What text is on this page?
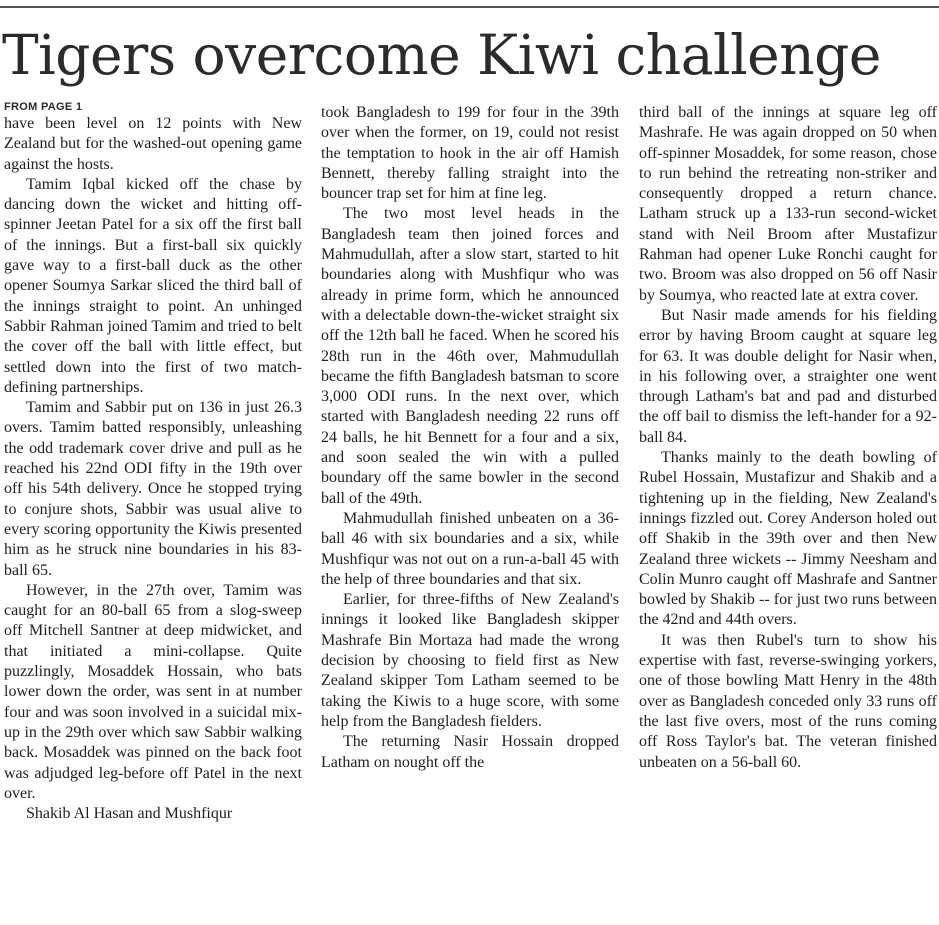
Tigers overcome Kiwi challenge
FROM PAGE 1

have been level on 12 points with New Zealand but for the washed-out opening game against the hosts.

Tamim Iqbal kicked off the chase by dancing down the wicket and hitting off-spinner Jeetan Patel for a six off the first ball of the innings. But a first-ball six quickly gave way to a first-ball duck as the other opener Soumya Sarkar sliced the third ball of the innings straight to point. An unhinged Sabbir Rahman joined Tamim and tried to belt the cover off the ball with little effect, but settled down into the first of two match-defining partnerships.

Tamim and Sabbir put on 136 in just 26.3 overs. Tamim batted responsibly, unleashing the odd trademark cover drive and pull as he reached his 22nd ODI fifty in the 19th over off his 54th delivery. Once he stopped trying to conjure shots, Sabbir was usual alive to every scoring opportunity the Kiwis presented him as he struck nine boundaries in his 83-ball 65.

However, in the 27th over, Tamim was caught for an 80-ball 65 from a slog-sweep off Mitchell Santner at deep midwicket, and that initiated a mini-collapse. Quite puzzlingly, Mosaddek Hossain, who bats lower down the order, was sent in at number four and was soon involved in a suicidal mix-up in the 29th over which saw Sabbir walking back. Mosaddek was pinned on the back foot was adjudged leg-before off Patel in the next over.

Shakib Al Hasan and Mushfiqur

took Bangladesh to 199 for four in the 39th over when the former, on 19, could not resist the temptation to hook in the air off Hamish Bennett, thereby falling straight into the bouncer trap set for him at fine leg.

The two most level heads in the Bangladesh team then joined forces and Mahmudullah, after a slow start, started to hit boundaries along with Mushfiqur who was already in prime form, which he announced with a delectable down-the-wicket straight six off the 12th ball he faced. When he scored his 28th run in the 46th over, Mahmudullah became the fifth Bangladesh batsman to score 3,000 ODI runs. In the next over, which started with Bangladesh needing 22 runs off 24 balls, he hit Bennett for a four and a six, and soon sealed the win with a pulled boundary off the same bowler in the second ball of the 49th.

Mahmudullah finished unbeaten on a 36-ball 46 with six boundaries and a six, while Mushfiqur was not out on a run-a-ball 45 with the help of three boundaries and that six.

Earlier, for three-fifths of New Zealand's innings it looked like Bangladesh skipper Mashrafe Bin Mortaza had made the wrong decision by choosing to field first as New Zealand skipper Tom Latham seemed to be taking the Kiwis to a huge score, with some help from the Bangladesh fielders.

The returning Nasir Hossain dropped Latham on nought off the

third ball of the innings at square leg off Mashrafe. He was again dropped on 50 when off-spinner Mosaddek, for some reason, chose to run behind the retreating non-striker and consequently dropped a return chance. Latham struck up a 133-run second-wicket stand with Neil Broom after Mustafizur Rahman had opener Luke Ronchi caught for two. Broom was also dropped on 56 off Nasir by Soumya, who reacted late at extra cover.

But Nasir made amends for his fielding error by having Broom caught at square leg for 63. It was double delight for Nasir when, in his following over, a straighter one went through Latham's bat and pad and disturbed the off bail to dismiss the left-hander for a 92-ball 84.

Thanks mainly to the death bowling of Rubel Hossain, Mustafizur and Shakib and a tightening up in the fielding, New Zealand's innings fizzled out. Corey Anderson holed out off Shakib in the 39th over and then New Zealand three wickets -- Jimmy Neesham and Colin Munro caught off Mashrafe and Santner bowled by Shakib -- for just two runs between the 42nd and 44th overs.

It was then Rubel's turn to show his expertise with fast, reverse-swinging yorkers, one of those bowling Matt Henry in the 48th over as Bangladesh conceded only 33 runs off the last five overs, most of the runs coming off Ross Taylor's bat. The veteran finished unbeaten on a 56-ball 60.
